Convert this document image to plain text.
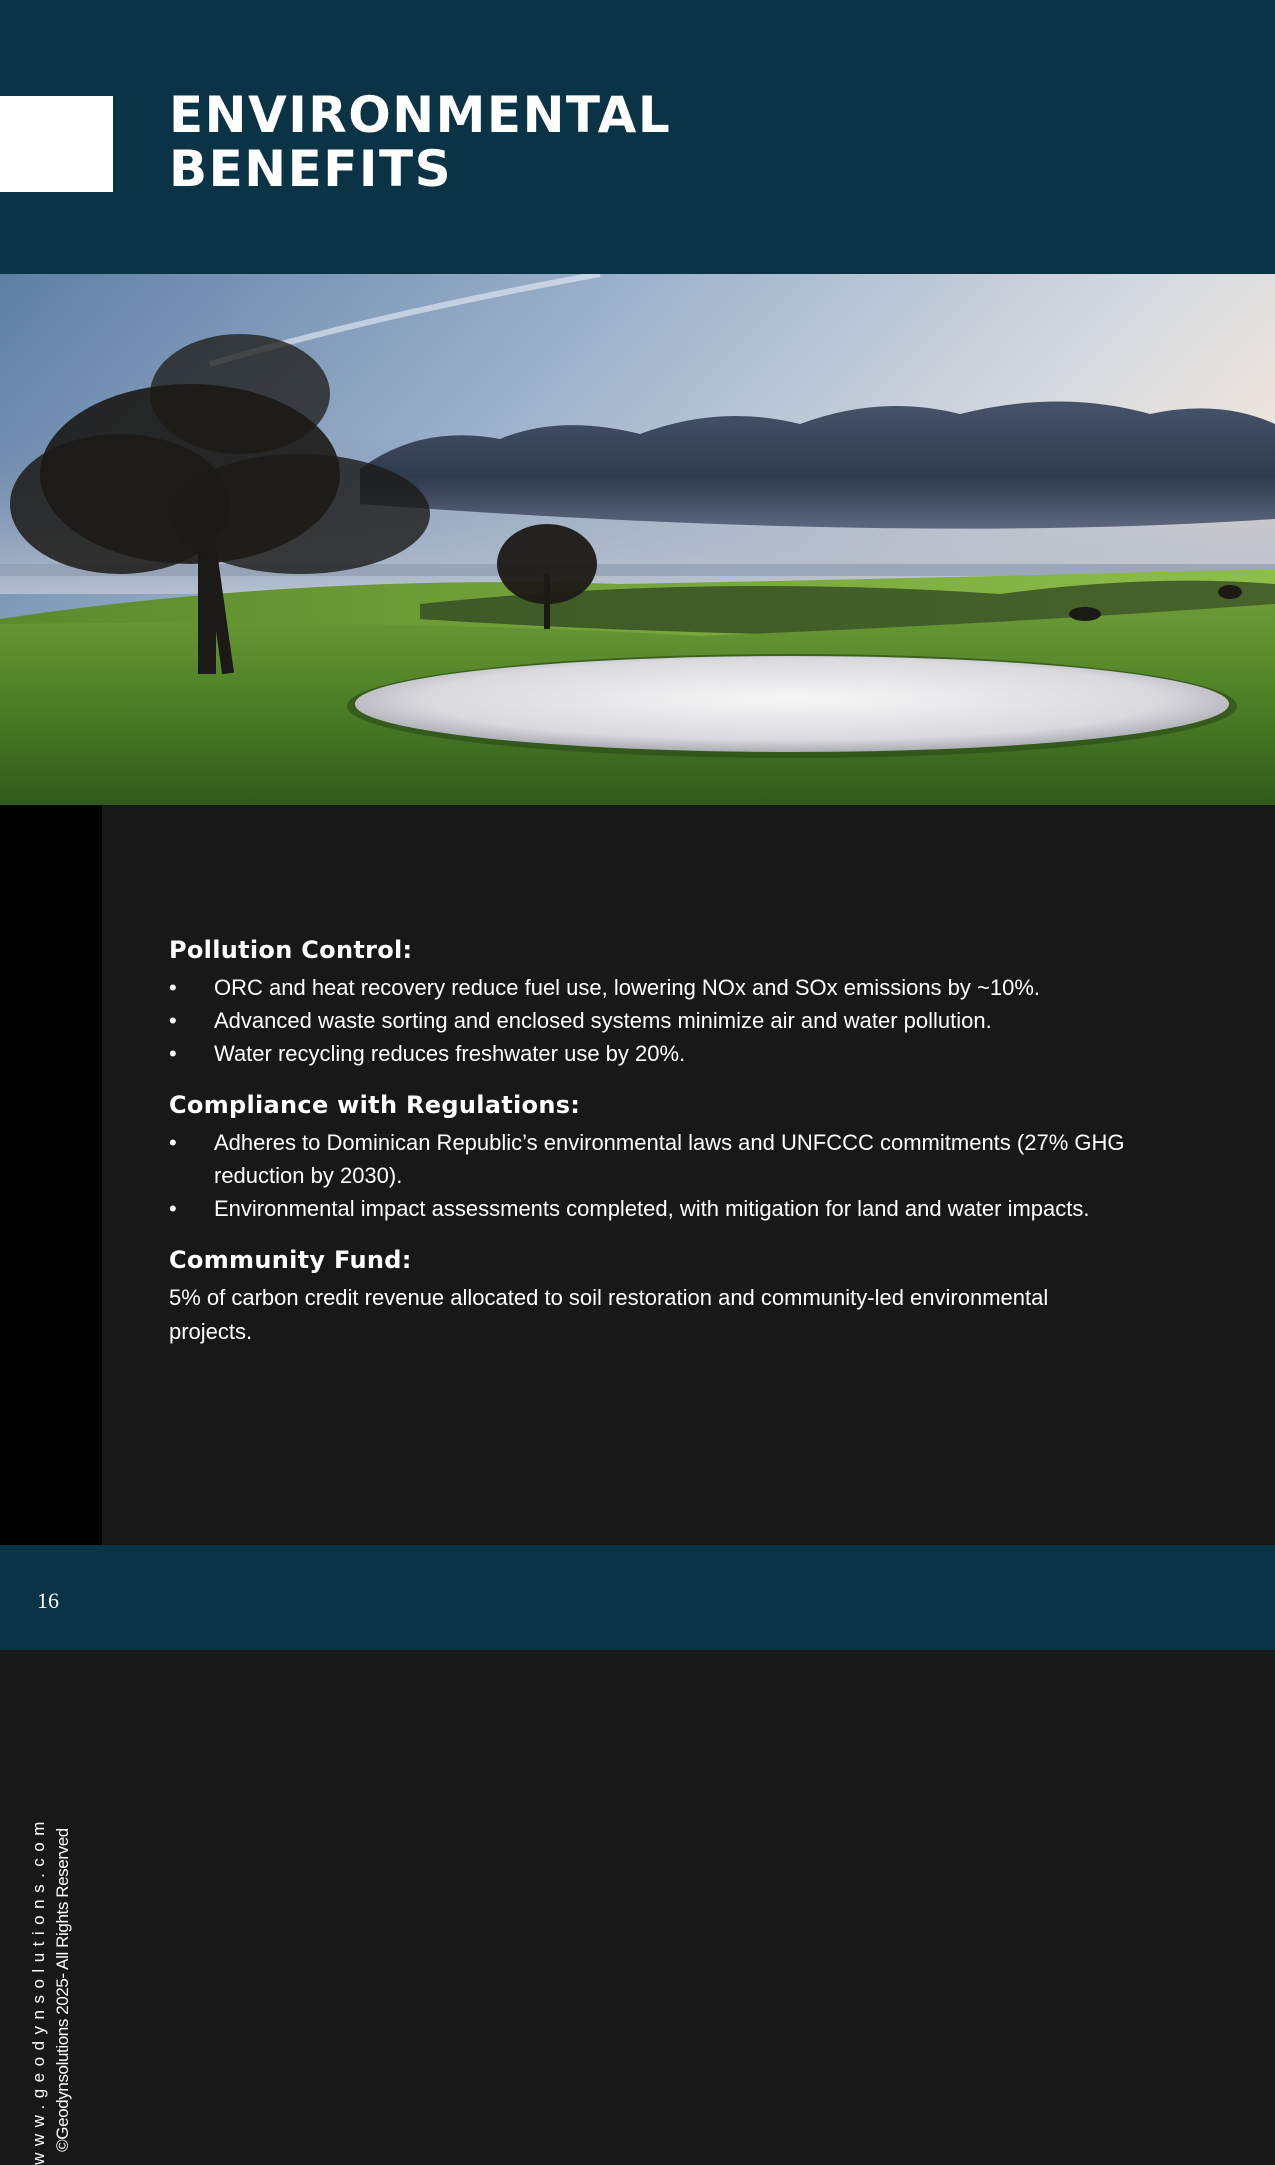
ENVIRONMENTAL
BENEFITS
www.geodynsolutions.com ©Geodynsolutions 2025- All Rights Reserved
Pollution Control:
• ORC and heat recovery reduce fuel use, lowering NOx and SOx emissions by ~10%.
• Advanced waste sorting and enclosed systems minimize air and water pollution.
• Water recycling reduces freshwater use by 20%.
Compliance with Regulations:
• Adheres to Dominican Republic’s environmental laws and UNFCCC commitments (27% GHG reduction by 2030).
• Environmental impact assessments completed, with mitigation for land and water impacts.
Community Fund:

5% of carbon credit revenue allocated to soil restoration and community-led environmental projects.

16
